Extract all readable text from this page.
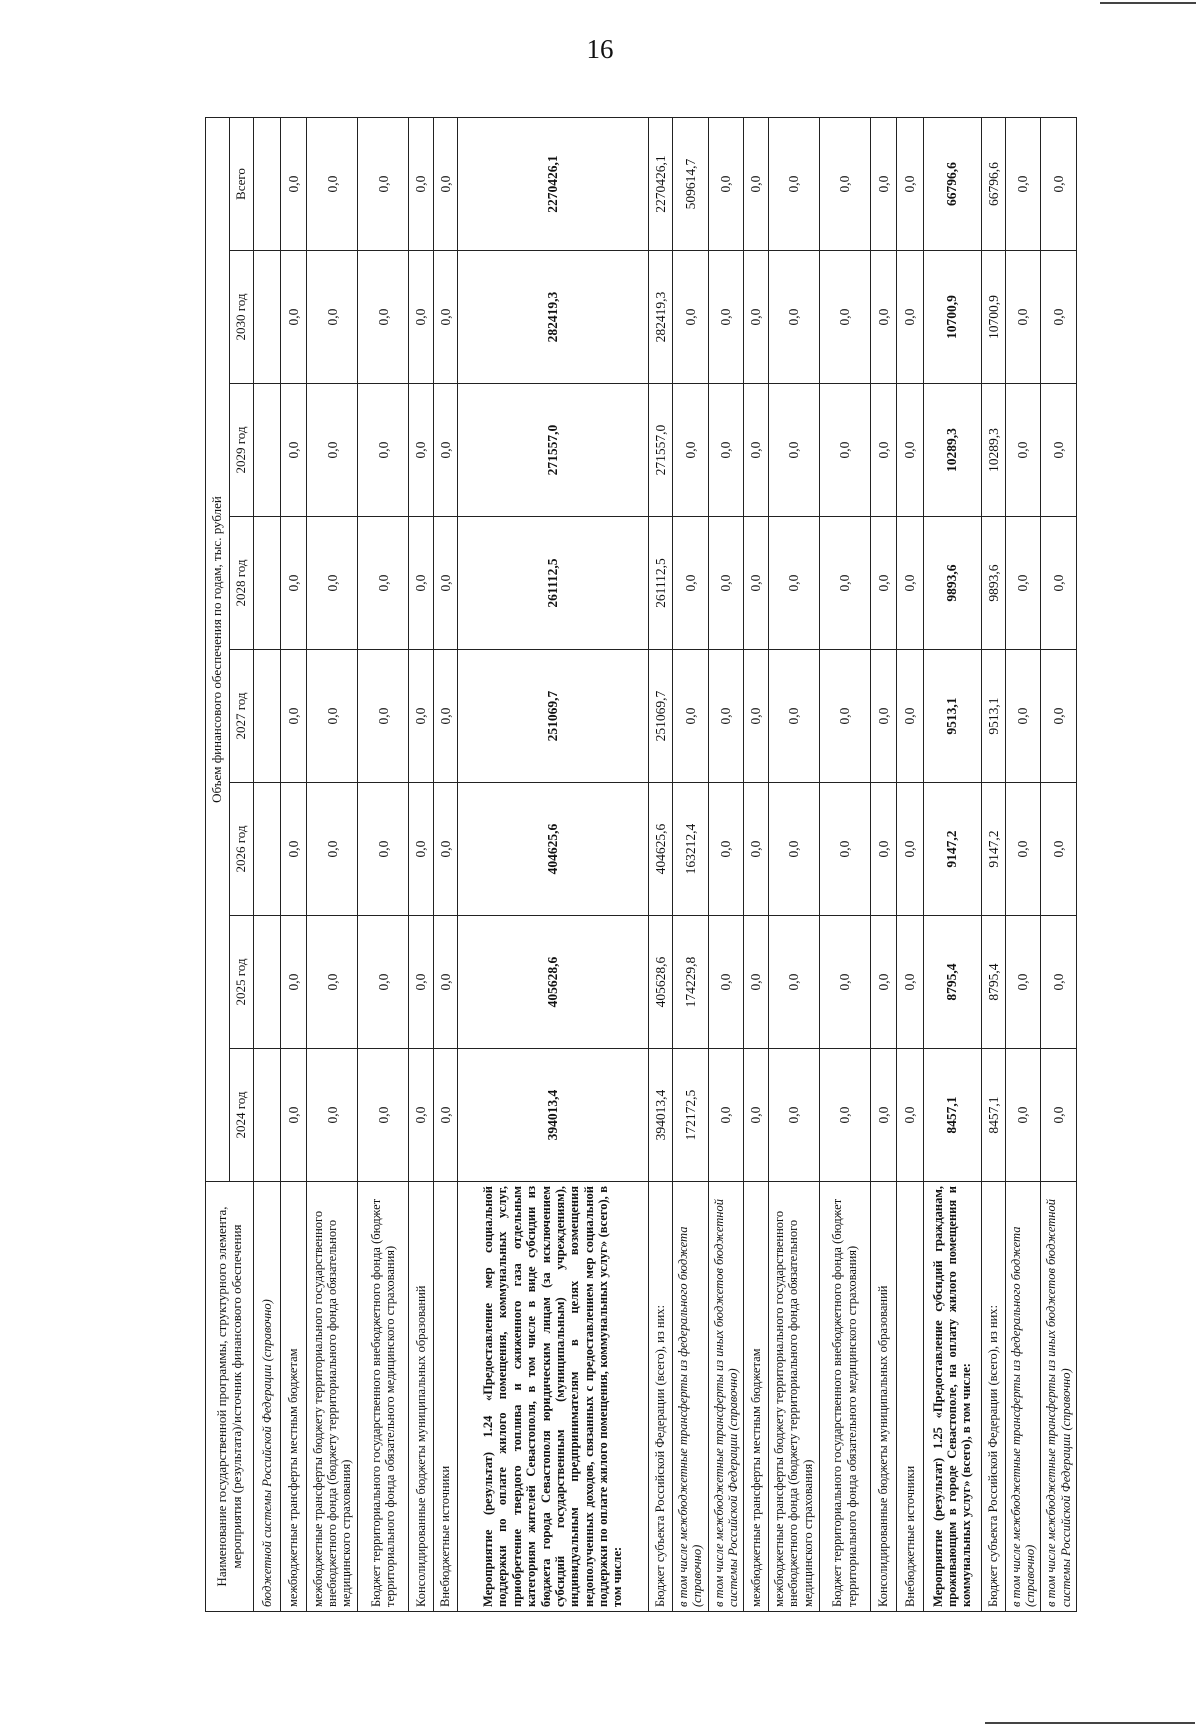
16
Наименование государственной программы, структурного элемента, мероприятия (результата)/источник финансового обеспечения	Объем финансового обеспечения по годам, тыс. рублей							
	2024 год	2025 год	2026 год	2027 год	2028 год	2029 год	2030 год	Всего
бюджетной системы Российской Федерации (справочно)								
межбюджетные трансферты местным бюджетам	0,0	0,0	0,0	0,0	0,0	0,0	0,0	0,0
межбюджетные трансферты бюджету территориального государственного внебюджетного фонда (бюджету территориального фонда обязательного медицинского страхования)	0,0	0,0	0,0	0,0	0,0	0,0	0,0	0,0
Бюджет территориального государственного внебюджетного фонда (бюджет территориального фонда обязательного медицинского страхования)	0,0	0,0	0,0	0,0	0,0	0,0	0,0	0,0
Консолидированные бюджеты муниципальных образований	0,0	0,0	0,0	0,0	0,0	0,0	0,0	0,0
Внебюджетные источники	0,0	0,0	0,0	0,0	0,0	0,0	0,0	0,0
Мероприятие (результат) 1.24 «Предоставление мер социальной поддержки по оплате жилого помещения, коммунальных услуг, приобретение твердого топлива и сжиженного газа отдельным категориям жителей Севастополя, в том числе в виде субсидии из бюджета города Севастополя юридическим лицам (за исключением субсидий государственным (муниципальным) учреждениям), индивидуальным предпринимателям в целях возмещения недополученных доходов, связанных с предоставлением мер социальной поддержки по оплате жилого помещения, коммунальных услуг» (всего), в том числе:	394013,4	405628,6	404625,6	251069,7	261112,5	271557,0	282419,3	2270426,1
Бюджет субъекта Российской Федерации (всего), из них:	394013,4	405628,6	404625,6	251069,7	261112,5	271557,0	282419,3	2270426,1
в том числе межбюджетные трансферты из федерального бюджета (справочно)	172172,5	174229,8	163212,4	0,0	0,0	0,0	0,0	509614,7
в том числе межбюджетные трансферты из иных бюджетов бюджетной системы Российской Федерации (справочно)	0,0	0,0	0,0	0,0	0,0	0,0	0,0	0,0
межбюджетные трансферты местным бюджетам	0,0	0,0	0,0	0,0	0,0	0,0	0,0	0,0
межбюджетные трансферты бюджету территориального государственного внебюджетного фонда (бюджету территориального фонда обязательного медицинского страхования)	0,0	0,0	0,0	0,0	0,0	0,0	0,0	0,0
Бюджет территориального государственного внебюджетного фонда (бюджет территориального фонда обязательного медицинского страхования)	0,0	0,0	0,0	0,0	0,0	0,0	0,0	0,0
Консолидированные бюджеты муниципальных образований	0,0	0,0	0,0	0,0	0,0	0,0	0,0	0,0
Внебюджетные источники	0,0	0,0	0,0	0,0	0,0	0,0	0,0	0,0
Мероприятие (результат) 1.25 «Предоставление субсидий гражданам, проживающим в городе Севастополе, на оплату жилого помещения и коммунальных услуг» (всего), в том числе:	8457,1	8795,4	9147,2	9513,1	9893,6	10289,3	10700,9	66796,6
Бюджет субъекта Российской Федерации (всего), из них:	8457,1	8795,4	9147,2	9513,1	9893,6	10289,3	10700,9	66796,6
в том числе межбюджетные трансферты из федерального бюджета (справочно)	0,0	0,0	0,0	0,0	0,0	0,0	0,0	0,0
в том числе межбюджетные трансферты из иных бюджетов бюджетной системы Российской Федерации (справочно)	0,0	0,0	0,0	0,0	0,0	0,0	0,0	0,0
